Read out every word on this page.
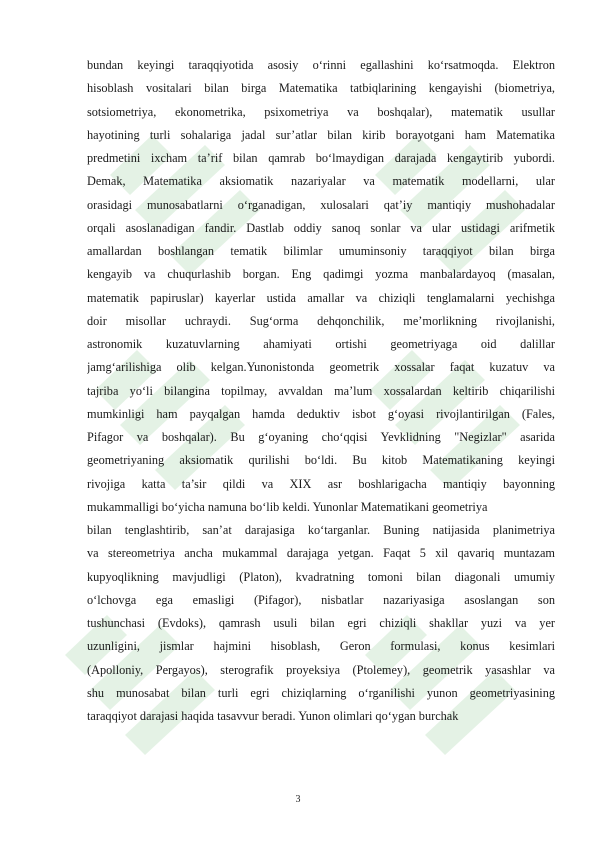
bundan keyingi taraqqiyotida asosiy o‘rinni egallashini ko‘rsatmoqda. Elektron
hisoblash vositalari bilan birga Matematika tatbiqlarining kengayishi (biometriya,
sotsiometriya, ekonometrika, psixometriya va boshqalar), matematik usullar
hayotining turli sohalariga jadal sur’atlar bilan kirib borayotgani ham Matematika
predmetini ixcham ta’rif bilan qamrab bo‘lmaydigan darajada kengaytirib yubordi.
Demak, Matematika aksiomatik nazariyalar va matematik modellarni, ular
orasidagi munosabatlarni o‘rganadigan, xulosalari qat’iy mantiqiy mushohadalar
orqali asoslanadigan fandir. Dastlab oddiy sanoq sonlar va ular ustidagi arifmetik
amallardan boshlangan tematik bilimlar umuminsoniy taraqqiyot bilan birga
kengayib va chuqurlashib borgan. Eng qadimgi yozma manbalardayoq (masalan,
matematik papiruslar) kayerlar ustida amallar va chiziqli tenglamalarni yechishga
doir misollar uchraydi. Sug‘orma dehqonchilik, me’morlikning rivojlanishi,
astronomik kuzatuvlarning ahamiyati ortishi geometriyaga oid dalillar
jamg‘arilishiga olib kelgan.Yunonistonda geometrik xossalar faqat kuzatuv va
tajriba yo‘li bilangina topilmay, avvaldan ma’lum xossalardan keltirib chiqarilishi
mumkinligi ham payqalgan hamda deduktiv isbot g‘oyasi rivojlantirilgan (Fales,
Pifagor va boshqalar). Bu g‘oyaning cho‘qqisi Yevklidning "Negizlar" asarida
geometriyaning aksiomatik qurilishi bo‘ldi. Bu kitob Matematikaning keyingi
rivojiga katta ta’sir qildi va XIX asr boshlarigacha mantiqiy bayonning
mukammalligi bo‘yicha namuna bo‘lib keldi. Yunonlar Matematikani geometriya
bilan tenglashtirib, san’at darajasiga ko‘targanlar. Buning natijasida planimetriya
va stereometriya ancha mukammal darajaga yetgan. Faqat 5 xil qavariq muntazam
kupyoqlikning mavjudligi (Platon), kvadratning tomoni bilan diagonali umumiy
o‘lchovga ega emasligi (Pifagor), nisbatlar nazariyasiga asoslangan son
tushunchasi (Evdoks), qamrash usuli bilan egri chiziqli shakllar yuzi va yer
uzunligini, jismlar hajmini hisoblash, Geron formulasi, konus kesimlari
(Apolloniy, Pergayos), sterografik proyeksiya (Ptolemey), geometrik yasashlar va
shu munosabat bilan turli egri chiziqlarning o‘rganilishi yunon geometriyasining
taraqqiyot darajasi haqida tasavvur beradi. Yunon olimlari qo‘ygan burchak
3
